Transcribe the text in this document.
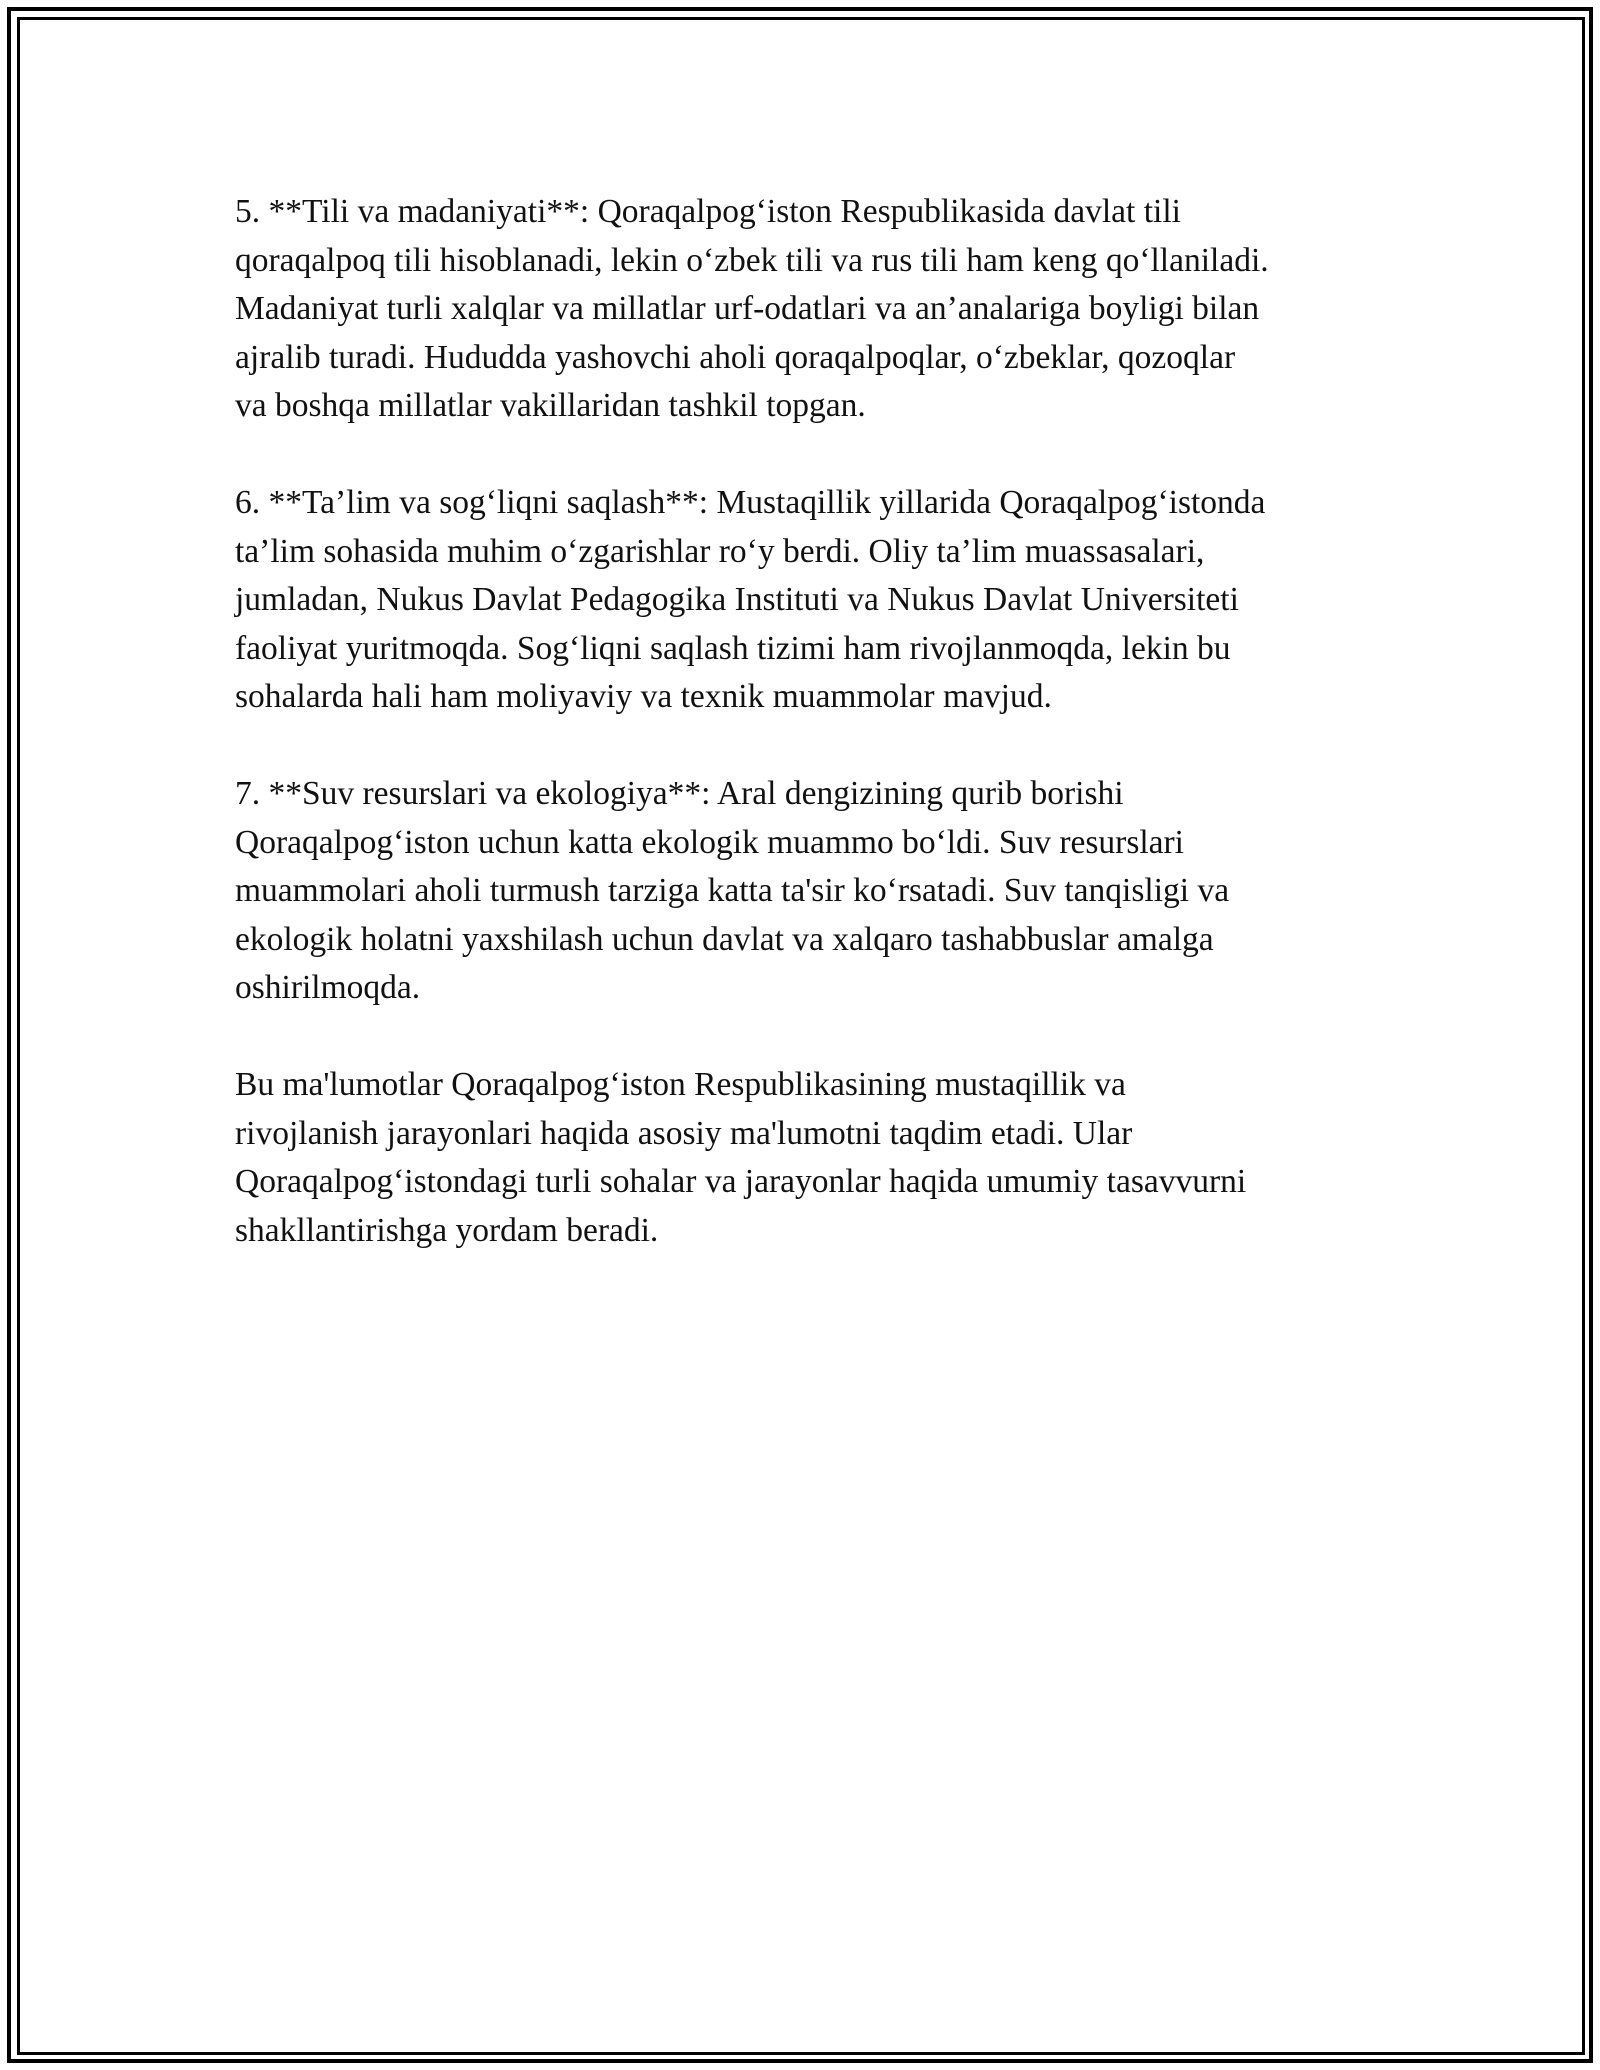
5. **Tili va madaniyati**: Qoraqalpog‘iston Respublikasida davlat tili
qoraqalpoq tili hisoblanadi, lekin o‘zbek tili va rus tili ham keng qo‘llaniladi.
Madaniyat turli xalqlar va millatlar urf-odatlari va an’analariga boyligi bilan
ajralib turadi. Hududda yashovchi aholi qoraqalpoqlar, o‘zbeklar, qozoqlar
va boshqa millatlar vakillaridan tashkil topgan.

6. **Ta’lim va sog‘liqni saqlash**: Mustaqillik yillarida Qoraqalpog‘istonda
ta’lim sohasida muhim o‘zgarishlar ro‘y berdi. Oliy ta’lim muassasalari,
jumladan, Nukus Davlat Pedagogika Instituti va Nukus Davlat Universiteti
faoliyat yuritmoqda. Sog‘liqni saqlash tizimi ham rivojlanmoqda, lekin bu
sohalarda hali ham moliyaviy va texnik muammolar mavjud.

7. **Suv resurslari va ekologiya**: Aral dengizining qurib borishi
Qoraqalpog‘iston uchun katta ekologik muammo bo‘ldi. Suv resurslari
muammolari aholi turmush tarziga katta ta'sir ko‘rsatadi. Suv tanqisligi va
ekologik holatni yaxshilash uchun davlat va xalqaro tashabbuslar amalga
oshirilmoqda.

Bu ma'lumotlar Qoraqalpog‘iston Respublikasining mustaqillik va
rivojlanish jarayonlari haqida asosiy ma'lumotni taqdim etadi. Ular
Qoraqalpog‘istondagi turli sohalar va jarayonlar haqida umumiy tasavvurni
shakllantirishga yordam beradi.
